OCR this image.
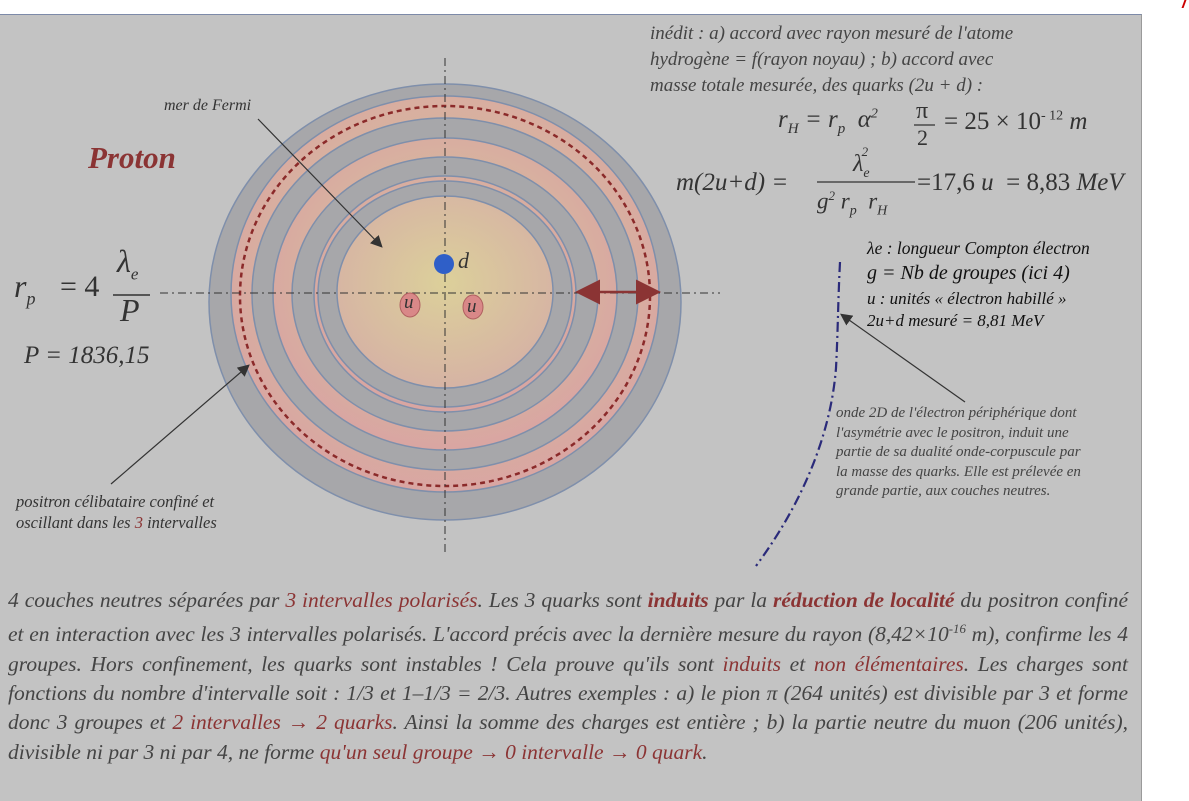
d
u	u
Proton
mer de Fermi
$r_p = 4$
$\lambda_e$
P
P = 1836,15
positron célibataire confiné et
oscillant dans les 3 intervalles
inédit : a) accord avec rayon mesuré de l'atome
hydrogène = f(rayon noyau) ; b) accord avec
masse totale mesurée, des quarks (2u + d) :
$r_H = r_p$  $\alpha^2$ π
2
= $25 \times 10^{- 12}$ m
m(2u+d) =
$\lambda_e^2$
$g^2$ $r_p$  $r_H$
=17,6 u  = 8,83 MeV
λe : longueur Compton électron
g = Nb de groupes (ici 4)
u : unités « électron habillé »
2u+d mesuré = 8,81 MeV
onde 2D de l'électron périphérique dont
l'asymétrie avec le positron, induit une
partie de sa dualité onde-corpuscule par
la masse des quarks. Elle est prélevée en
grande partie, aux couches neutres.
4 couches neutres séparées par 3 intervalles polarisés. Les 3 quarks sont induits par la réduction de localité du positron confiné et en interaction avec les 3 intervalles polarisés. L'accord précis avec la dernière mesure du rayon ($8,42\times 10^{-16}$ m), confirme les 4 groupes. Hors confinement, les quarks sont instables ! Cela prouve qu'ils sont induits et non élémentaires. Les charges sont fonctions du nombre d'intervalle soit : 1/3 et 1–1/3 = 2/3. Autres exemples : a) le pion π (264 unités) est divisible par 3 et forme donc 3 groupes et 2 intervalles → 2 quarks. Ainsi la somme des charges est entière ; b) la partie neutre du muon (206 unités), divisible ni par 3 ni par 4, ne forme qu'un seul groupe → 0 intervalle → 0 quark.
